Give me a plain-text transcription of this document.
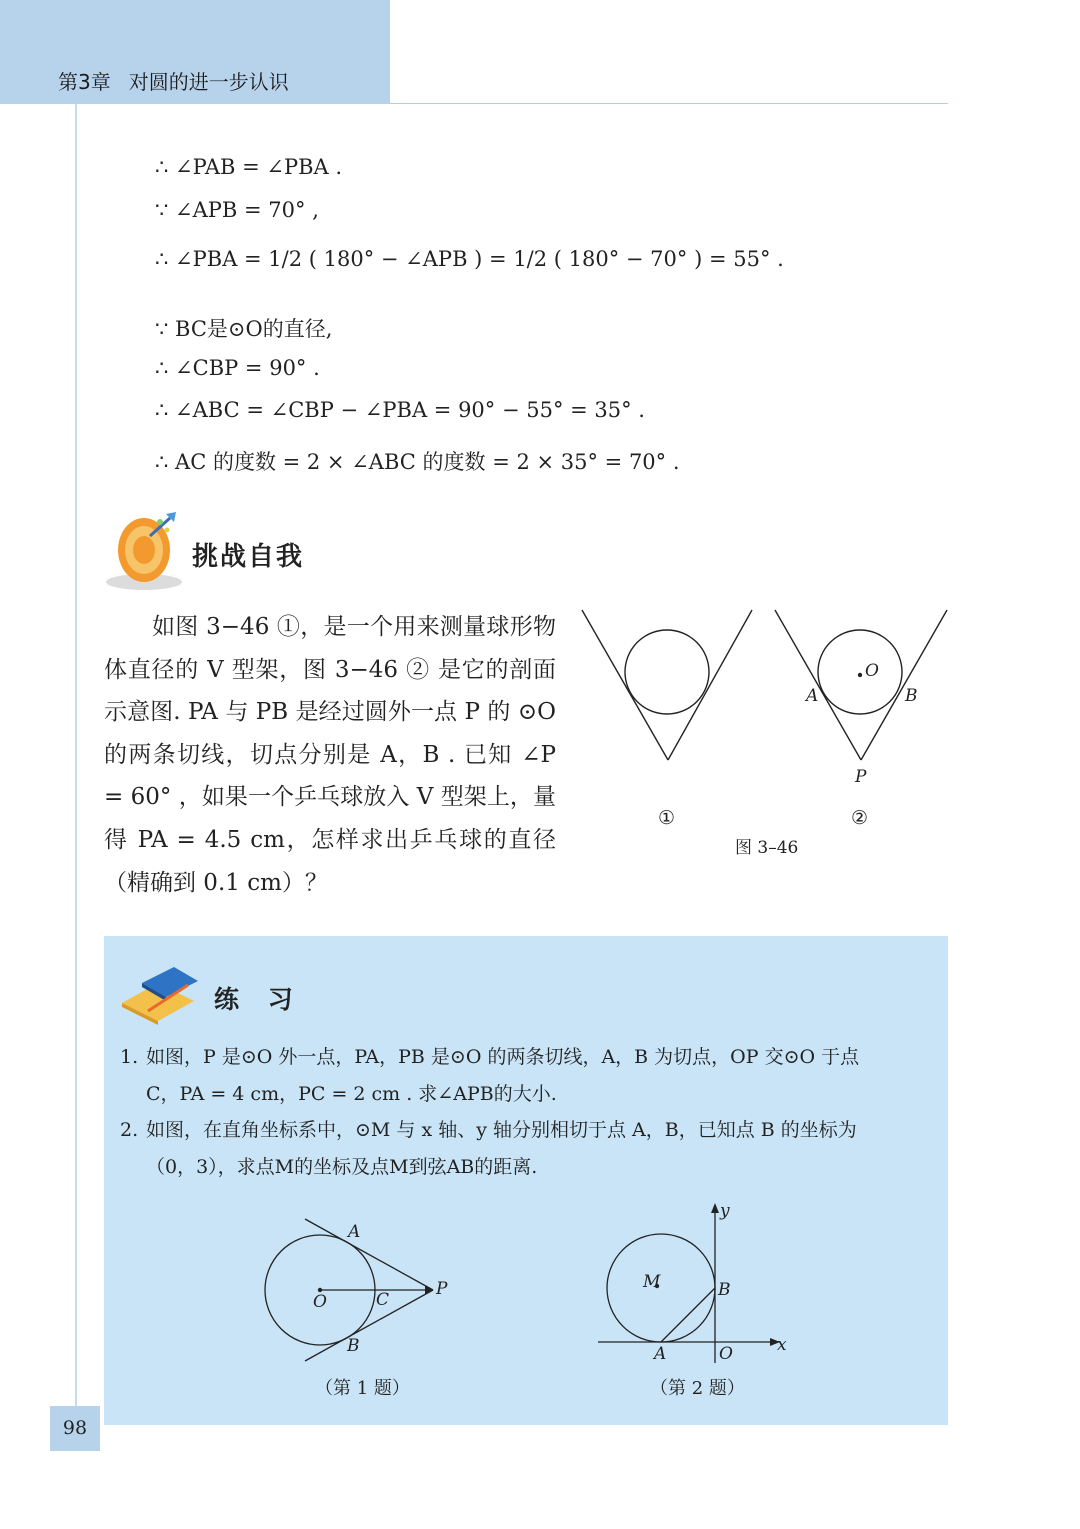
第3章 对圆的进一步认识
∴ ∠PAB = ∠PBA .
∵ ∠APB = 70° ,
∴ ∠PBA = 1/2 ( 180° − ∠APB ) = 1/2 ( 180° − 70° ) = 55° .
∵ BC是⊙O的直径,
∴ ∠CBP = 90° .
∴ ∠ABC = ∠CBP − ∠PBA = 90° − 55° = 35° .
∴ AC 的度数 = 2 × ∠ABC 的度数 = 2 × 35° = 70° .
挑战自我

如图 3−46 ①，是一个用来测量球形物体直径的 V 型架，图 3−46 ② 是它的剖面示意图. PA 与 PB 是经过圆外一点 P 的 ⊙O 的两条切线，切点分别是 A，B . 已知 ∠P = 60° ，如果一个乒乓球放入 V 型架上，量得 PA = 4.5 cm，怎样求出乒乓球的直径（精确到 0.1 cm）？

O
A	B
P
①	②
图 3–46
练 习
1. 如图，P 是⊙O 外一点，PA，PB 是⊙O 的两条切线，A，B 为切点，OP 交⊙O 于点
C，PA = 4 cm，PC = 2 cm . 求∠APB的大小.
2. 如图，在直角坐标系中，⊙M 与 x 轴、y 轴分别相切于点 A，B，已知点 B 的坐标为
（0，3），求点M的坐标及点M到弦AB的距离.
A
O	C
P
B
（第 1 题）
y
M	B
A	O	x
（第 2 题）
98
